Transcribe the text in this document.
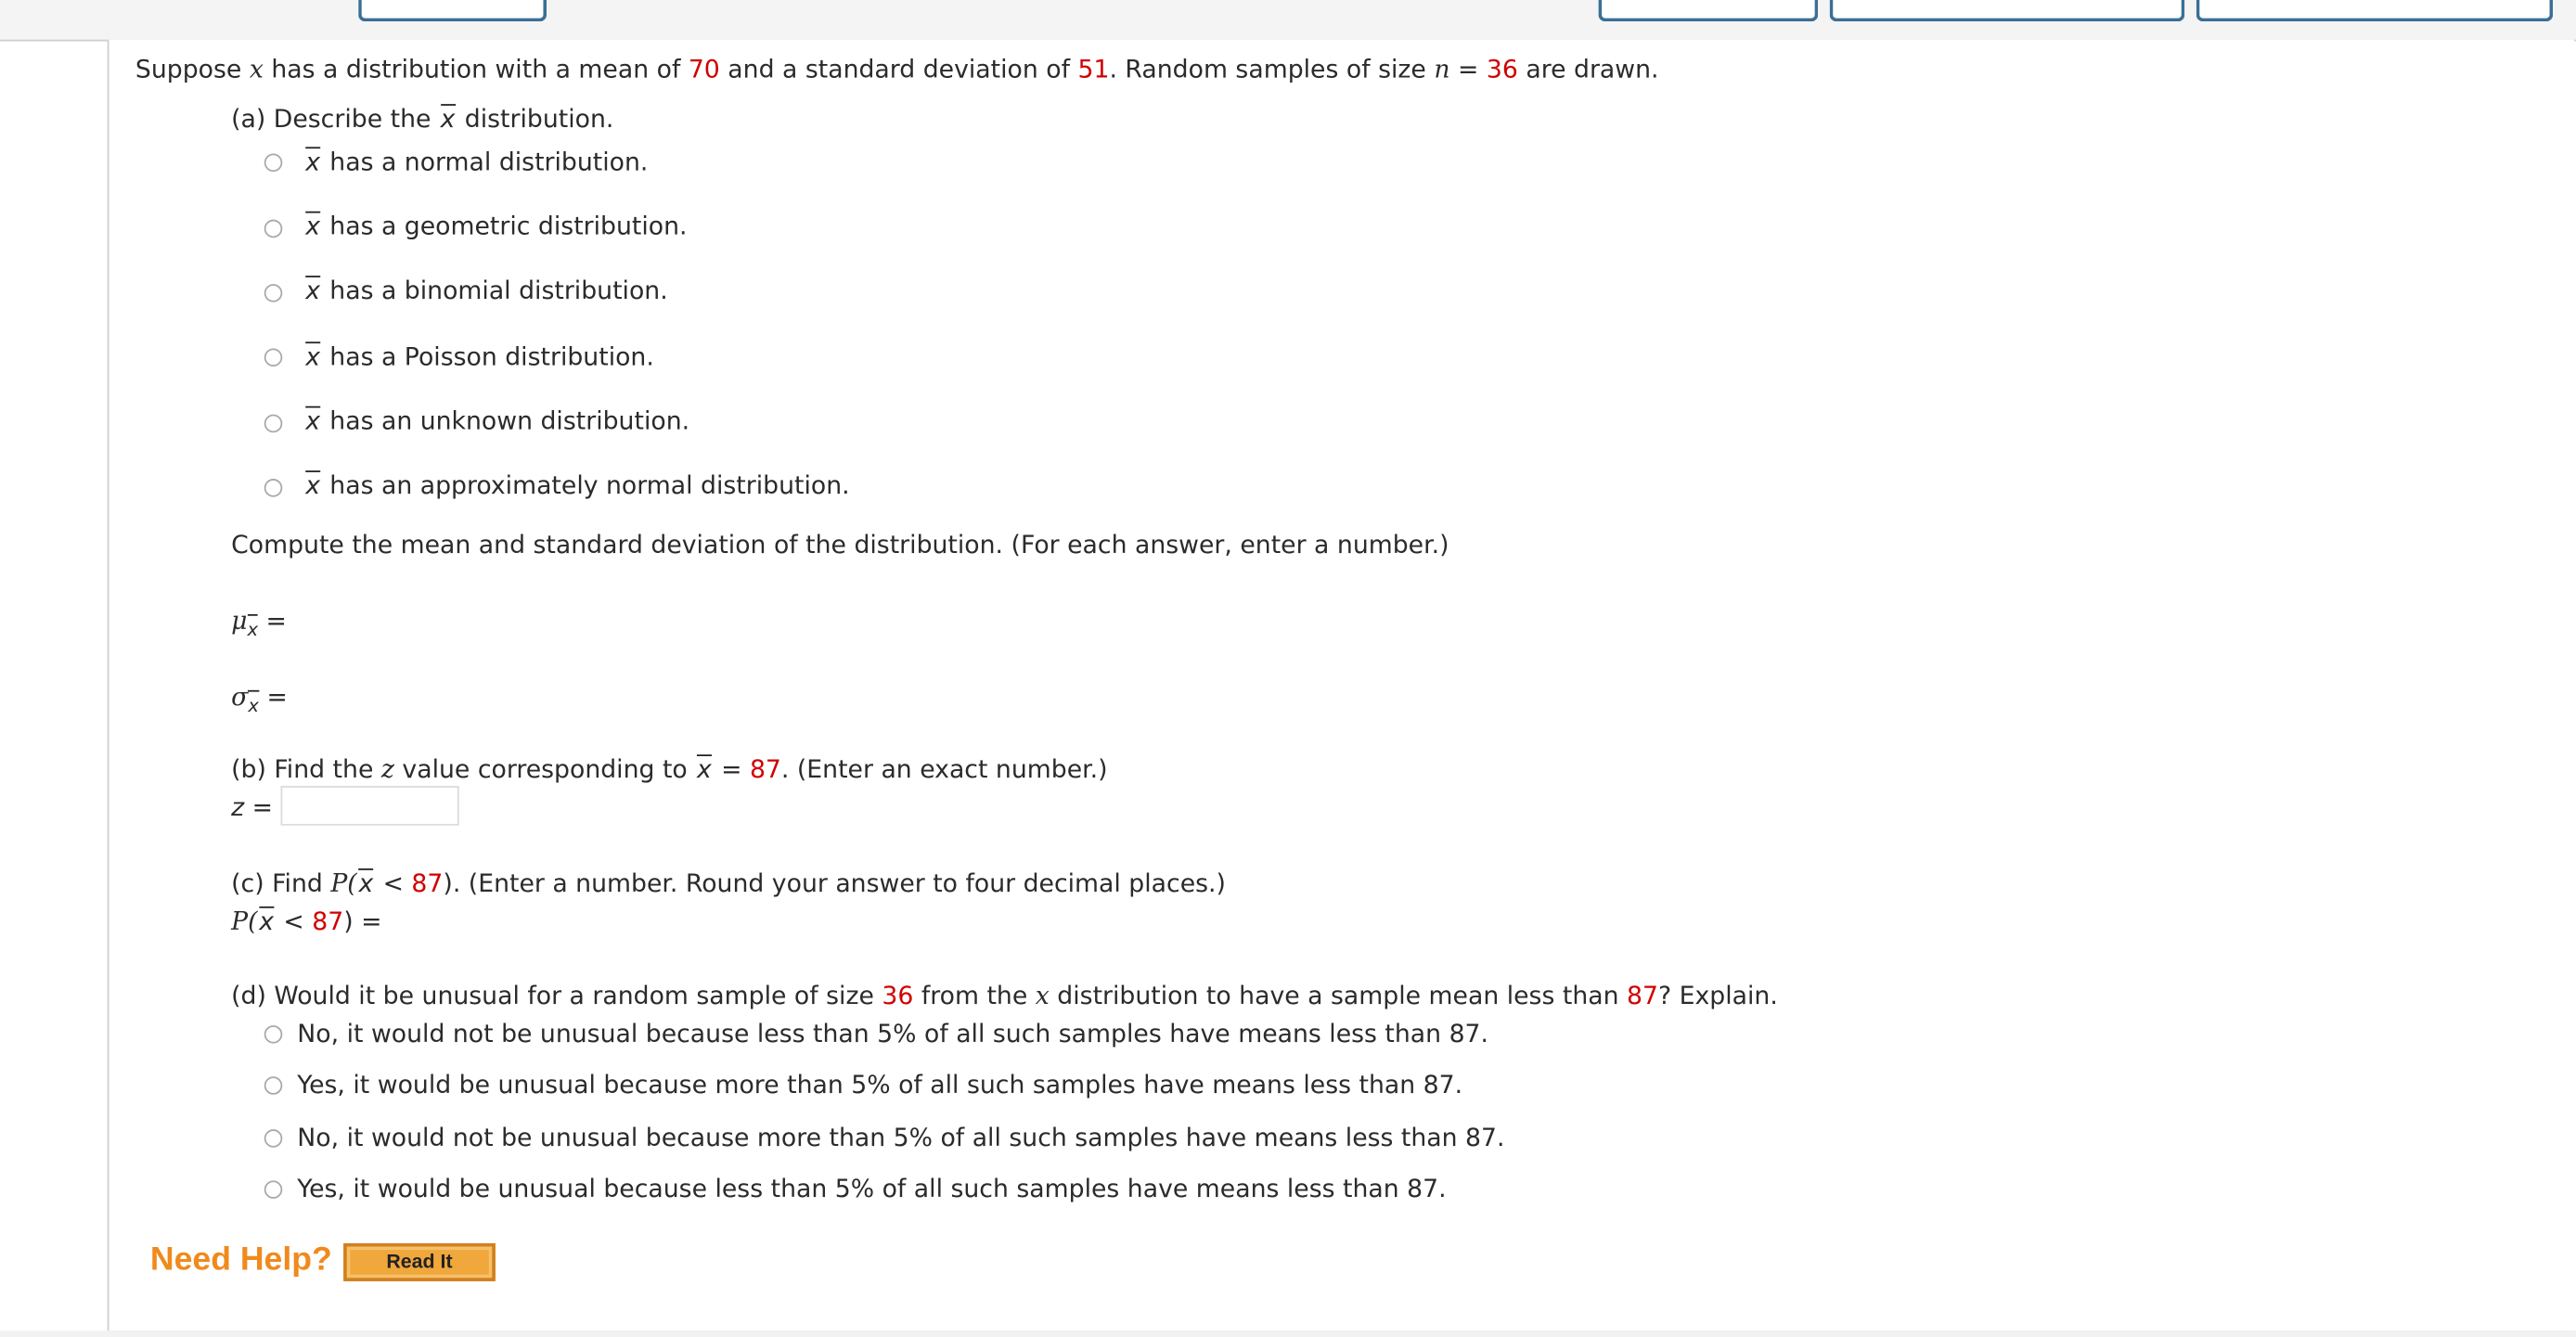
Suppose x has a distribution with a mean of 70 and a standard deviation of 51. Random samples of size n = 36 are drawn.
(a) Describe the x distribution.
x has a normal distribution.
x has a geometric distribution.
x has a binomial distribution.
x has a Poisson distribution.
x has an unknown distribution.
x has an approximately normal distribution.
Compute the mean and standard deviation of the distribution. (For each answer, enter a number.)
$\mu_x$ =
$\sigma_x$ =
(b) Find the z value corresponding to x = 87. (Enter an exact number.)
z =
(c) Find P( x < 87). (Enter a number. Round your answer to four decimal places.)
P( x < 87) =
(d) Would it be unusual for a random sample of size 36 from the x distribution to have a sample mean less than 87? Explain.
No, it would not be unusual because less than 5% of all such samples have means less than 87.
Yes, it would be unusual because more than 5% of all such samples have means less than 87.
No, it would not be unusual because more than 5% of all such samples have means less than 87.
Yes, it would be unusual because less than 5% of all such samples have means less than 87.
Need Help?	Read It
